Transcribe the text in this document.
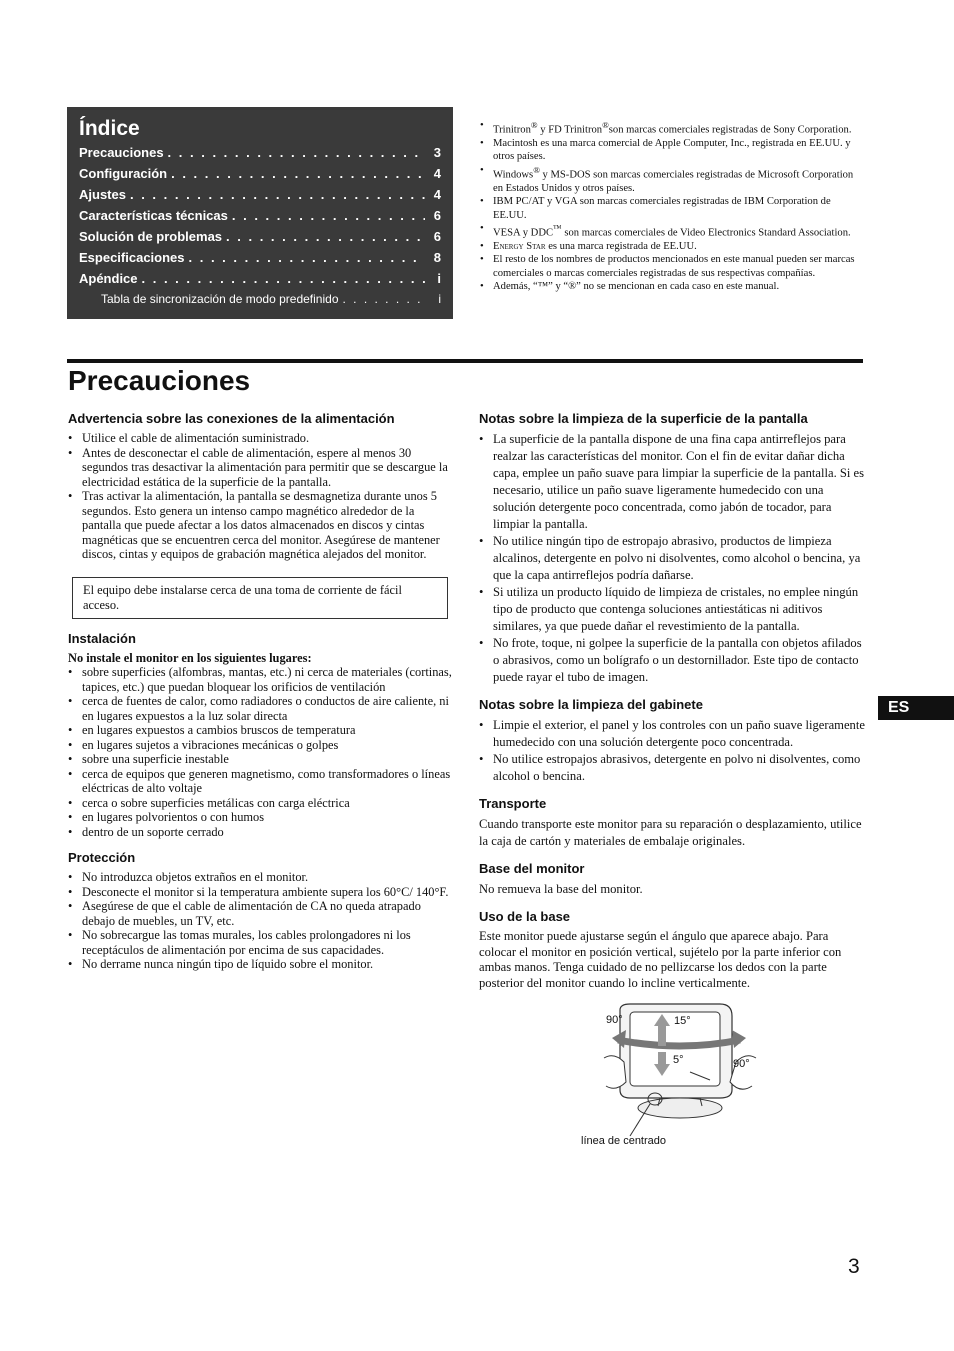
Índice
Precauciones . . .	3
Configuración . . .	4
Ajustes . . .	4
Características técnicas . . .	6
Solución de problemas . . .	6
Especificaciones . . .	8
Apéndice . . .	i
Tabla de sincronización de modo predefinido . . .	i
• Trinitron® y FD Trinitron®son marcas comerciales registradas de Sony Corporation.
• Macintosh es una marca comercial de Apple Computer, Inc., registrada en EE.UU. y otros países.
• Windows® y MS-DOS son marcas comerciales registradas de Microsoft Corporation en Estados Unidos y otros países.
• IBM PC/AT y VGA son marcas comerciales registradas de IBM Corporation de EE.UU.
• VESA y DDC™ son marcas comerciales de Video Electronics Standard Association.
• Energy Star es una marca registrada de EE.UU.
• El resto de los nombres de productos mencionados en este manual pueden ser marcas comerciales o marcas comerciales registradas de sus respectivas compañías.
• Además, “™” y “®” no se mencionan en cada caso en este manual.
Precauciones
Advertencia sobre las conexiones de la alimentación
• Utilice el cable de alimentación suministrado.
• Antes de desconectar el cable de alimentación, espere al menos 30 segundos tras desactivar la alimentación para permitir que se descargue la electricidad estática de la superficie de la pantalla.
• Tras activar la alimentación, la pantalla se desmagnetiza durante unos 5 segundos. Esto genera un intenso campo magnético alrededor de la pantalla que puede afectar a los datos almacenados en discos y cintas magnéticas que se encuentren cerca del monitor. Asegúrese de mantener discos, cintas y equipos de grabación magnética alejados del monitor.
El equipo debe instalarse cerca de una toma de corriente de fácil acceso.
Instalación

No instale el monitor en los siguientes lugares:

• sobre superficies (alfombras, mantas, etc.) ni cerca de materiales (cortinas, tapices, etc.) que puedan bloquear los orificios de ventilación
• cerca de fuentes de calor, como radiadores o conductos de aire caliente, ni en lugares expuestos a la luz solar directa
• en lugares expuestos a cambios bruscos de temperatura
• en lugares sujetos a vibraciones mecánicas o golpes
• sobre una superficie inestable
• cerca de equipos que generen magnetismo, como transformadores o líneas eléctricas de alto voltaje
• cerca o sobre superficies metálicas con carga eléctrica
• en lugares polvorientos o con humos
• dentro de un soporte cerrado
Protección
• No introduzca objetos extraños en el monitor.
• Desconecte el monitor si la temperatura ambiente supera los 60°C/ 140°F.
• Asegúrese de que el cable de alimentación de CA no queda atrapado debajo de muebles, un TV, etc.
• No sobrecargue las tomas murales, los cables prolongadores ni los receptáculos de alimentación por encima de sus capacidades.
• No derrame nunca ningún tipo de líquido sobre el monitor.
Notas sobre la limpieza de la superficie de la pantalla
• La superficie de la pantalla dispone de una fina capa antirreflejos para realzar las características del monitor. Con el fin de evitar dañar dicha capa, emplee un paño suave para limpiar la superficie de la pantalla. Si es necesario, utilice un paño suave ligeramente humedecido con una solución detergente poco concentrada, como jabón de tocador, para limpiar la pantalla.
• No utilice ningún tipo de estropajo abrasivo, productos de limpieza alcalinos, detergente en polvo ni disolventes, como alcohol o bencina, ya que la capa antirreflejos podría dañarse.
• Si utiliza un producto líquido de limpieza de cristales, no emplee ningún tipo de producto que contenga soluciones antiestáticas ni aditivos similares, ya que puede dañar el revestimiento de la pantalla.
• No frote, toque, ni golpee la superficie de la pantalla con objetos afilados o abrasivos, como un bolígrafo o un destornillador. Este tipo de contacto puede rayar el tubo de imagen.
Notas sobre la limpieza del gabinete
• Limpie el exterior, el panel y los controles con un paño suave ligeramente humedecido con una solución detergente poco concentrada.
• No utilice estropajos abrasivos, detergente en polvo ni disolventes, como alcohol o bencina.
Transporte

Cuando transporte este monitor para su reparación o desplazamiento, utilice la caja de cartón y materiales de embalaje originales.

Base del monitor

No remueva la base del monitor.

Uso de la base

Este monitor puede ajustarse según el ángulo que aparece abajo. Para colocar el monitor en posición vertical, sujételo por la parte inferior con ambas manos. Tenga cuidado de no pellizcarse los dedos con la parte posterior del monitor cuando lo incline verticalmente.

90°	15°
5°	90°
línea de centrado
ES
3
